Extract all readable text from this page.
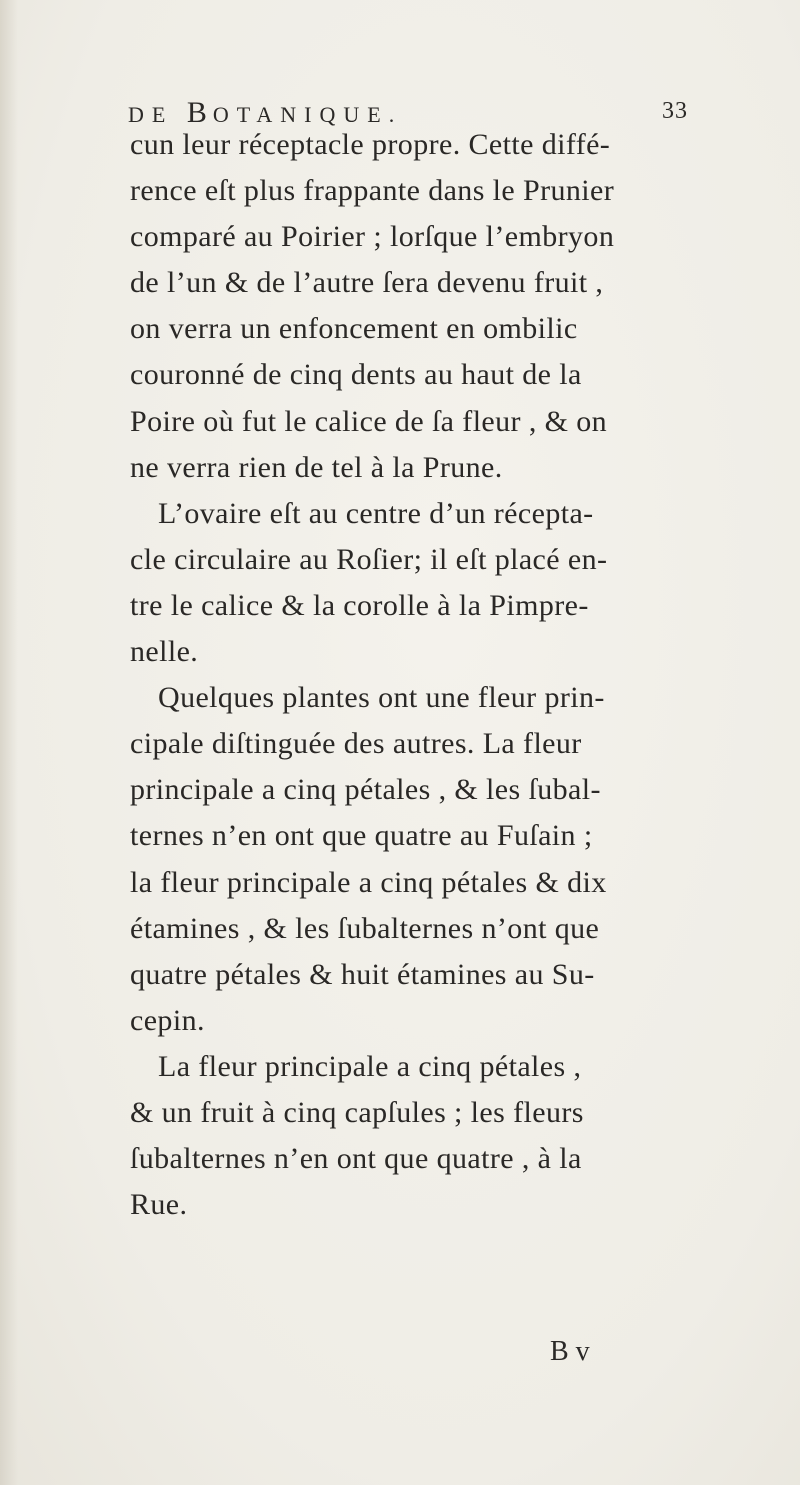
DE BOTANIQUE.	33
cun leur réceptacle propre. Cette diffé-
rence eſt plus frappante dans le Prunier
comparé au Poirier ; lorſque l’embryon
de l’un & de l’autre ſera devenu fruit ,
on verra un enfoncement en ombilic
couronné de cinq dents au haut de la
Poire où fut le calice de ſa fleur , & on
ne verra rien de tel à la Prune.
L’ovaire eſt au centre d’un récepta-
cle circulaire au Roſier; il eſt placé en-
tre le calice & la corolle à la Pimpre-
nelle.
Quelques plantes ont une fleur prin-
cipale diſtinguée des autres. La fleur
principale a cinq pétales , & les ſubal-
ternes n’en ont que quatre au Fuſain ;
la fleur principale a cinq pétales & dix
étamines , & les ſubalternes n’ont que
quatre pétales & huit étamines au Su-
cepin.
La fleur principale a cinq pétales ,
& un fruit à cinq capſules ; les fleurs
ſubalternes n’en ont que quatre , à la
Rue.
B v
